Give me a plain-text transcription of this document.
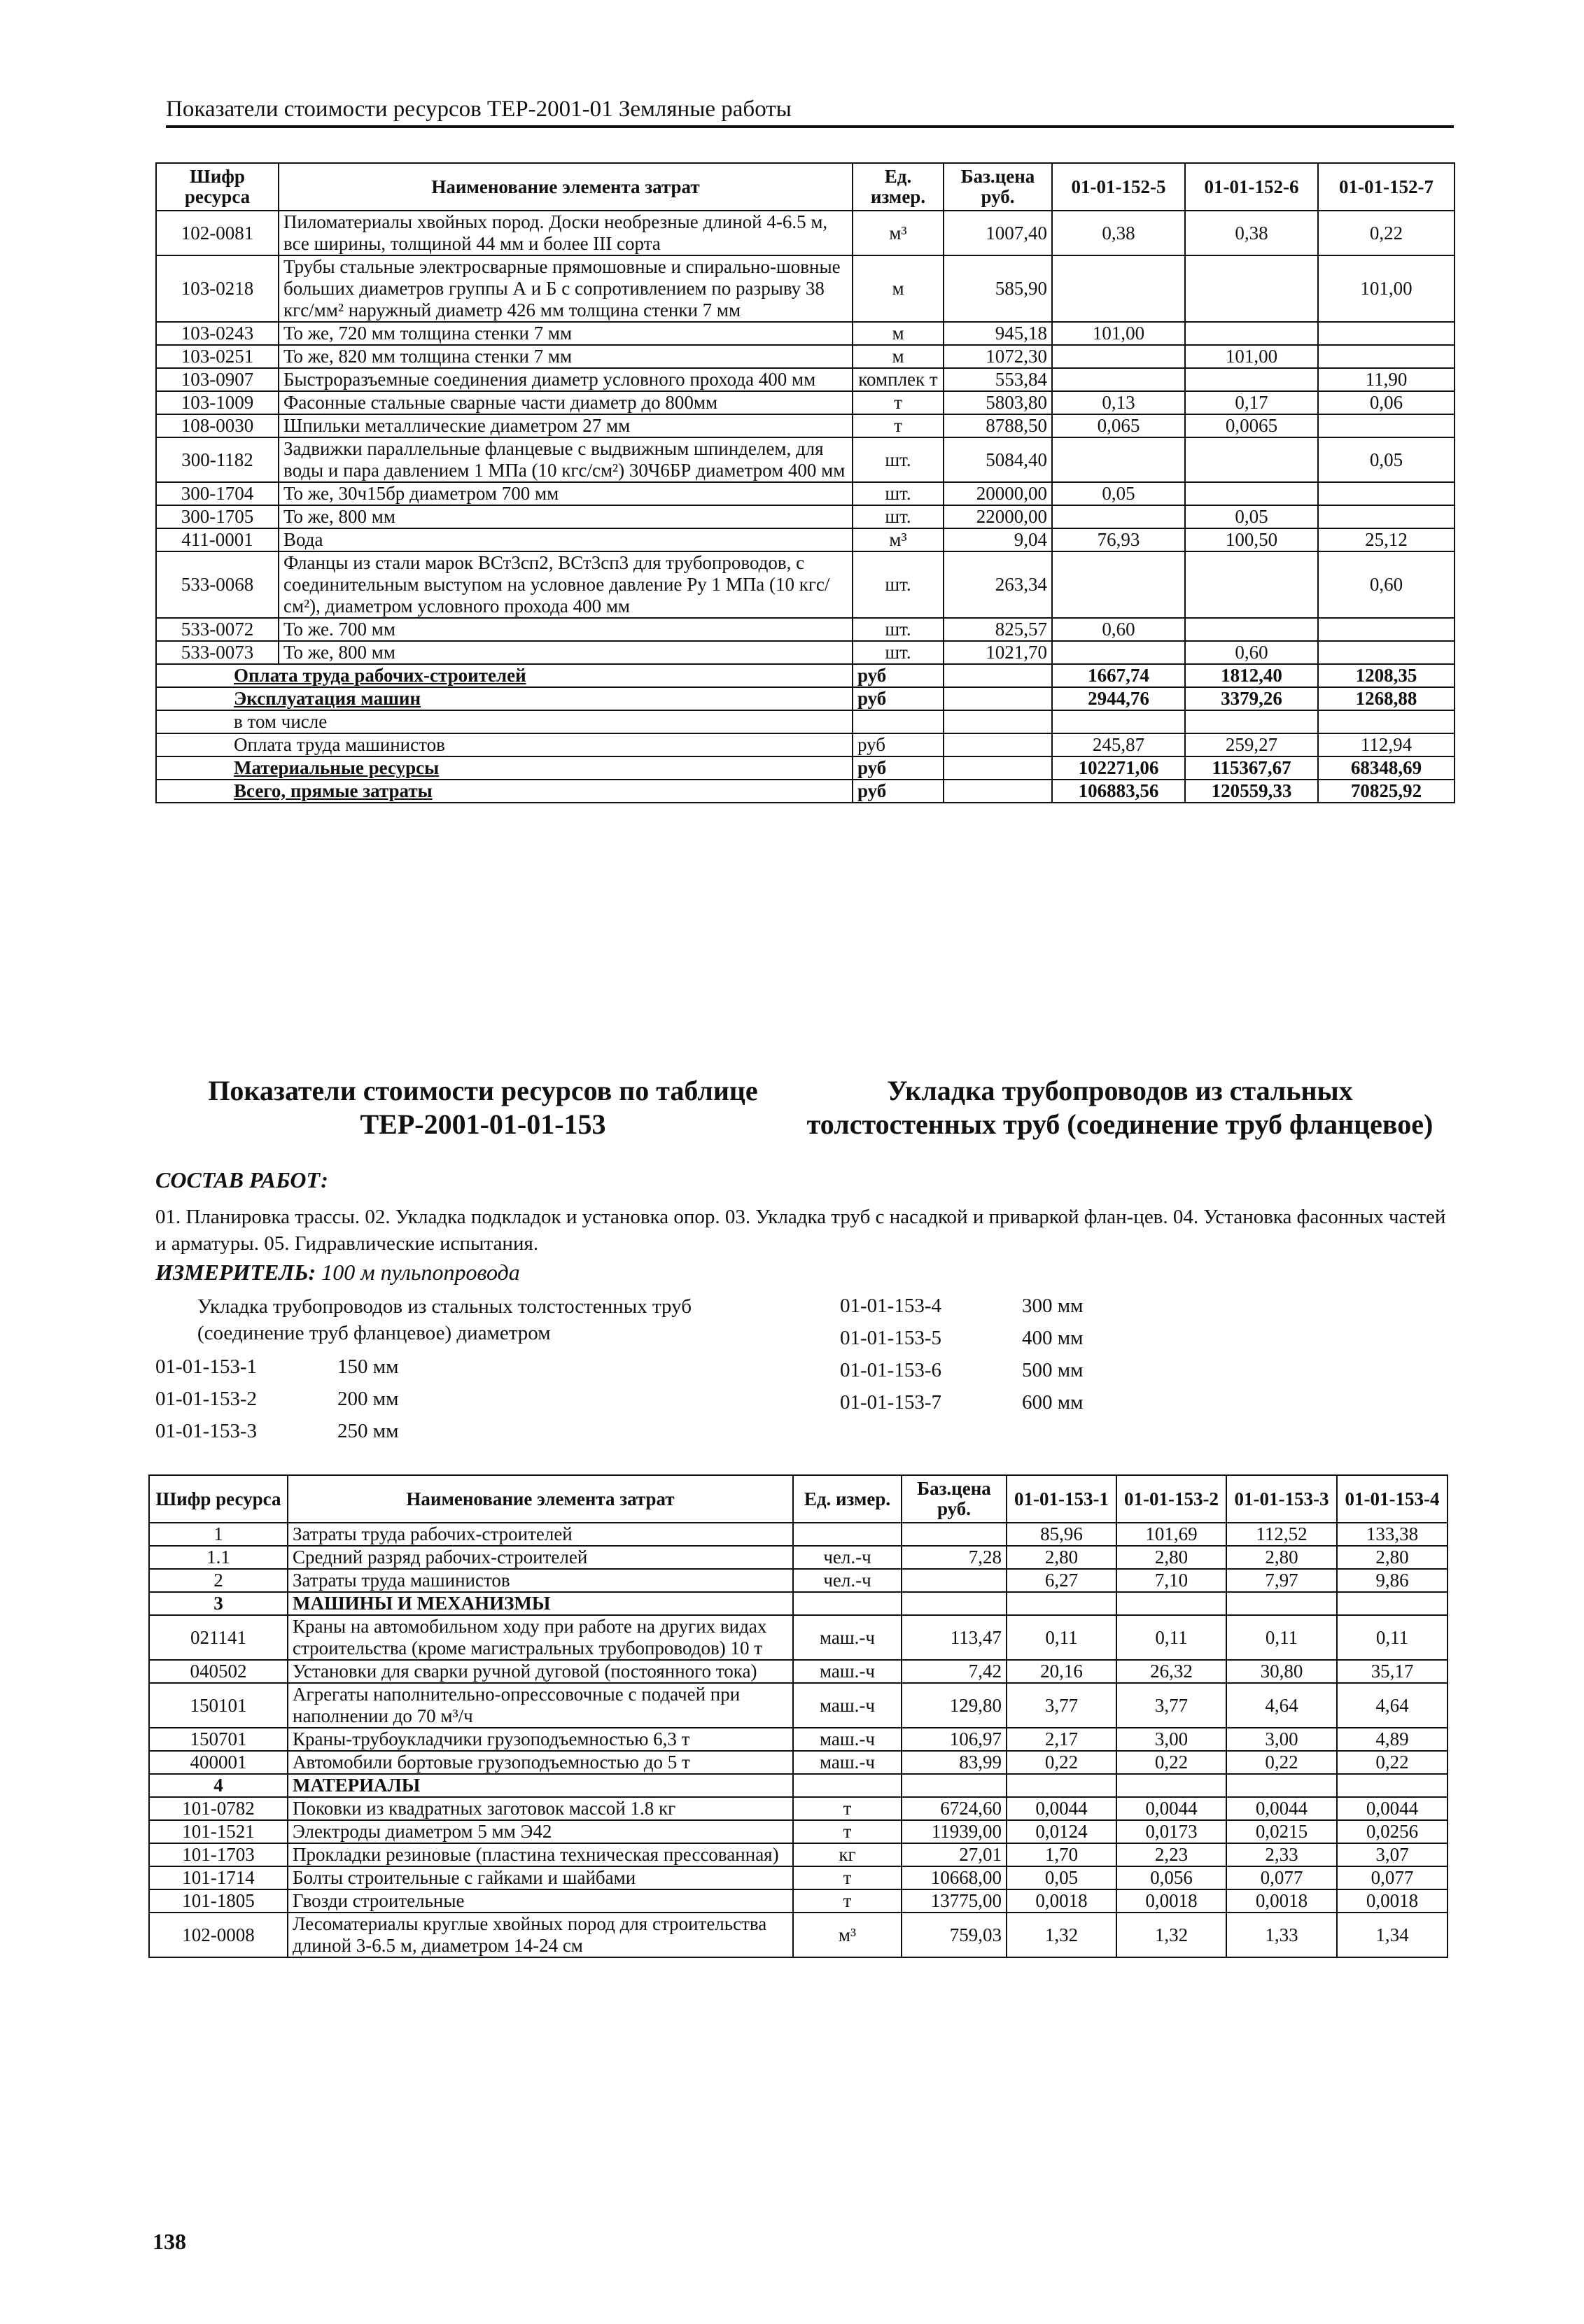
Показатели стоимости ресурсов ТЕР-2001-01 Земляные работы
Шифр ресурса	Наименование элемента затрат	Ед. измер.	Баз.цена руб.	01-01-152-5	01-01-152-6	01-01-152-7
102-0081	Пиломатериалы хвойных пород. Доски необрезные длиной 4-6.5 м, все ширины, толщиной 44 мм и более III сорта	м³	1007,40	0,38	0,38	0,22
103-0218	Трубы стальные электросварные прямошовные и спирально-шовные больших диаметров группы А и Б с сопротивлением по разрыву 38 кгс/мм² наружный диаметр 426 мм толщина стенки 7 мм	м	585,90			101,00
103-0243	То же, 720 мм толщина стенки 7 мм	м	945,18	101,00		
103-0251	То же, 820 мм толщина стенки 7 мм	м	1072,30		101,00	
103-0907	Быстроразъемные соединения диаметр условного прохода 400 мм	комплек т	553,84			11,90
103-1009	Фасонные стальные сварные части диаметр до 800мм	т	5803,80	0,13	0,17	0,06
108-0030	Шпильки металлические диаметром 27 мм	т	8788,50	0,065	0,0065	
300-1182	Задвижки параллельные фланцевые с выдвижным шпинделем, для воды и пара давлением 1 МПа (10 кгс/см²) 30Ч6БР диаметром 400 мм	шт.	5084,40			0,05
300-1704	То же, 30ч15бр диаметром 700 мм	шт.	20000,00	0,05		
300-1705	То же, 800 мм	шт.	22000,00		0,05	
411-0001	Вода	м³	9,04	76,93	100,50	25,12
533-0068	Фланцы из стали марок ВСт3сп2, ВСт3сп3 для трубопроводов, с соединительным выступом на условное давление Ру 1 МПа (10 кгс/см²), диаметром условного прохода 400 мм	шт.	263,34			0,60
533-0072	То же. 700 мм	шт.	825,57	0,60		
533-0073	То же, 800 мм	шт.	1021,70		0,60	
Оплата труда рабочих-строителей		руб		1667,74	1812,40	1208,35
Эксплуатация машин		руб		2944,76	3379,26	1268,88
в том числе						
Оплата труда машинистов		руб		245,87	259,27	112,94
Материальные ресурсы		руб		102271,06	115367,67	68348,69
Всего, прямые затраты		руб		106883,56	120559,33	70825,92
Показатели стоимости ресурсов по таблице
ТЕР-2001-01-01-153
Укладка трубопроводов из стальных
толстостенных труб (соединение труб фланцевое)
СОСТАВ РАБОТ:
01. Планировка трассы. 02. Укладка подкладок и установка опор. 03. Укладка труб с насадкой и приваркой флан-цев. 04. Установка фасонных частей и арматуры. 05. Гидравлические испытания.
ИЗМЕРИТЕЛЬ: 100 м пульпопровода
Укладка трубопроводов из стальных толстостенных труб
(соединение труб фланцевое) диаметром
01-01-153-1	150 мм
01-01-153-2	200 мм
01-01-153-3	250 мм
01-01-153-4	300 мм
01-01-153-5	400 мм
01-01-153-6	500 мм
01-01-153-7	600 мм
Шифр ресурса	Наименование элемента затрат	Ед. измер.	Баз.цена руб.	01-01-153-1	01-01-153-2	01-01-153-3	01-01-153-4
1	Затраты труда рабочих-строителей			85,96	101,69	112,52	133,38
1.1	Средний разряд рабочих-строителей	чел.-ч	7,28	2,80	2,80	2,80	2,80
2	Затраты труда машинистов	чел.-ч		6,27	7,10	7,97	9,86
3	МАШИНЫ И МЕХАНИЗМЫ						
021141	Краны на автомобильном ходу при работе на других видах строительства (кроме магистральных трубопроводов) 10 т	маш.-ч	113,47	0,11	0,11	0,11	0,11
040502	Установки для сварки ручной дуговой (постоянного тока)	маш.-ч	7,42	20,16	26,32	30,80	35,17
150101	Агрегаты наполнительно-опрессовочные с подачей при наполнении до 70 м³/ч	маш.-ч	129,80	3,77	3,77	4,64	4,64
150701	Краны-трубоукладчики грузоподъемностью 6,3 т	маш.-ч	106,97	2,17	3,00	3,00	4,89
400001	Автомобили бортовые грузоподъемностью до 5 т	маш.-ч	83,99	0,22	0,22	0,22	0,22
4	МАТЕРИАЛЫ						
101-0782	Поковки из квадратных заготовок массой 1.8 кг	т	6724,60	0,0044	0,0044	0,0044	0,0044
101-1521	Электроды диаметром 5 мм Э42	т	11939,00	0,0124	0,0173	0,0215	0,0256
101-1703	Прокладки резиновые (пластина техническая прессованная)	кг	27,01	1,70	2,23	2,33	3,07
101-1714	Болты строительные с гайками и шайбами	т	10668,00	0,05	0,056	0,077	0,077
101-1805	Гвозди строительные	т	13775,00	0,0018	0,0018	0,0018	0,0018
102-0008	Лесоматериалы круглые хвойных пород для строительства длиной 3-6.5 м, диаметром 14-24 см	м³	759,03	1,32	1,32	1,33	1,34
138
